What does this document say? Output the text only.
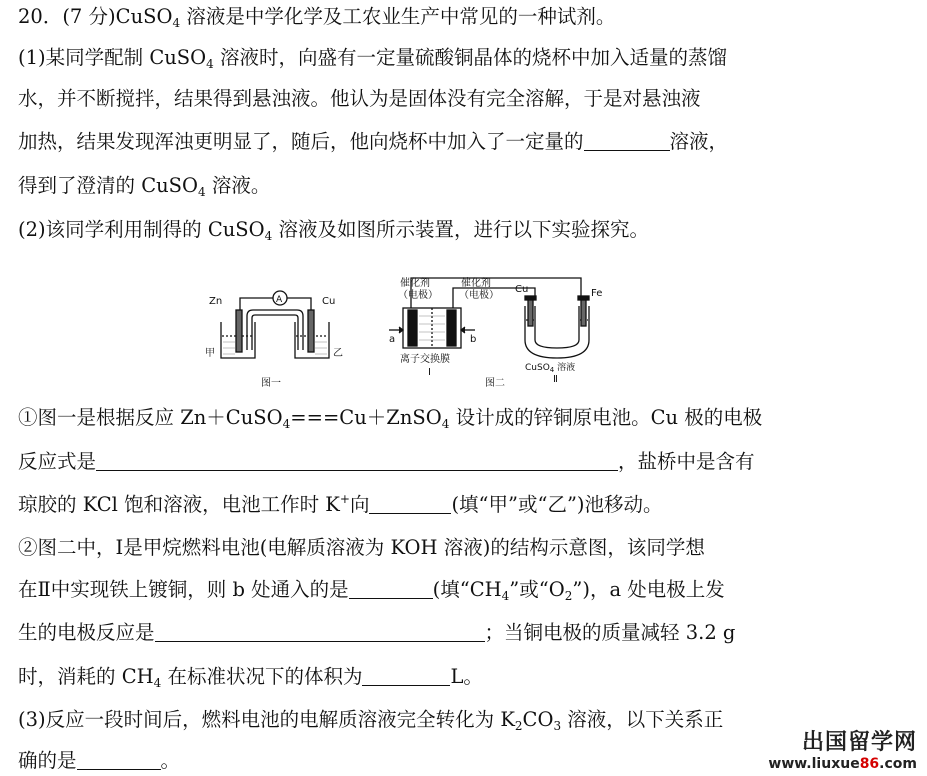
20．(7 分)CuSO$_4$ 溶液是中学化学及工农业生产中常见的一种试剂。
(1)某同学配制 CuSO$_4$ 溶液时，向盛有一定量硫酸铜晶体的烧杯中加入适量的蒸馏
水，并不断搅拌，结果得到悬浊液。他认为是固体没有完全溶解，于是对悬浊液
加热，结果发现浑浊更明显了，随后，他向烧杯中加入了一定量的	溶液，
得到了澄清的 CuSO$_4$ 溶液。
(2)该同学利用制得的 CuSO$_4$ 溶液及如图所示装置，进行以下实验探究。
Zn	Cu
A
甲	乙
图一
催化剂
（电极）
催化剂
（电极）
a	b
离子交换膜
I
Cu	Fe
CuSO$_4$ 溶液
Ⅱ
图二
①图一是根据反应 Zn＋CuSO$_4$===Cu＋ZnSO$_4$ 设计成的锌铜原电池。Cu 极的电极
反应式是	，盐桥中是含有
琼胶的 KCl 饱和溶液，电池工作时 K+向	(填“甲”或“乙”)池移动。
②图二中，Ⅰ是甲烷燃料电池(电解质溶液为 KOH 溶液)的结构示意图，该同学想
在Ⅱ中实现铁上镀铜，则 b 处通入的是	(填“$CH_4$”或“$O_2$”)，a 处电极上发
生的电极反应是	；当铜电极的质量减轻 3.2 g
时，消耗的 $CH_4$ 在标准状况下的体积为	L。
(3)反应一段时间后，燃料电池的电解质溶液完全转化为 $K_2CO_3$ 溶液，以下关系正
确的是	。
出国留学网
www.liuxue86.com
